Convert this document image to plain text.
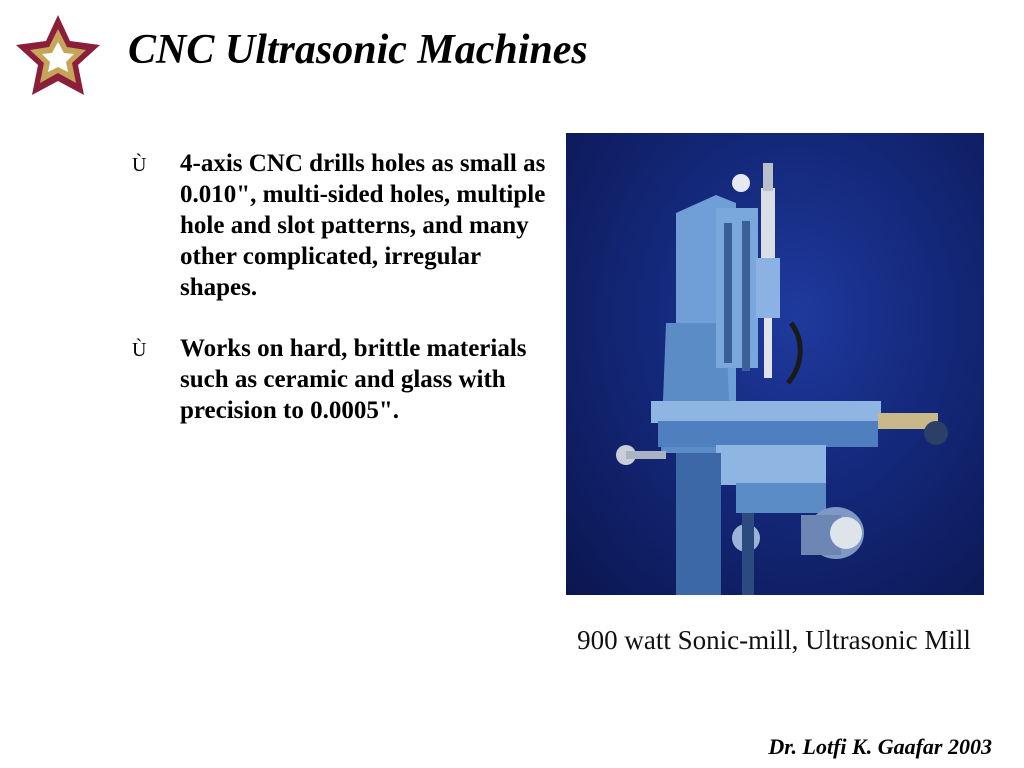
CNC Ultrasonic Machines
Ù	4-axis CNC drills holes as small as 0.010", multi-sided holes, multiple hole and slot patterns, and many other complicated, irregular shapes.
Ù	Works on hard, brittle materials such as ceramic and glass with precision to 0.0005".
900 watt Sonic-mill, Ultrasonic Mill
Dr. Lotfi K. Gaafar 2003
